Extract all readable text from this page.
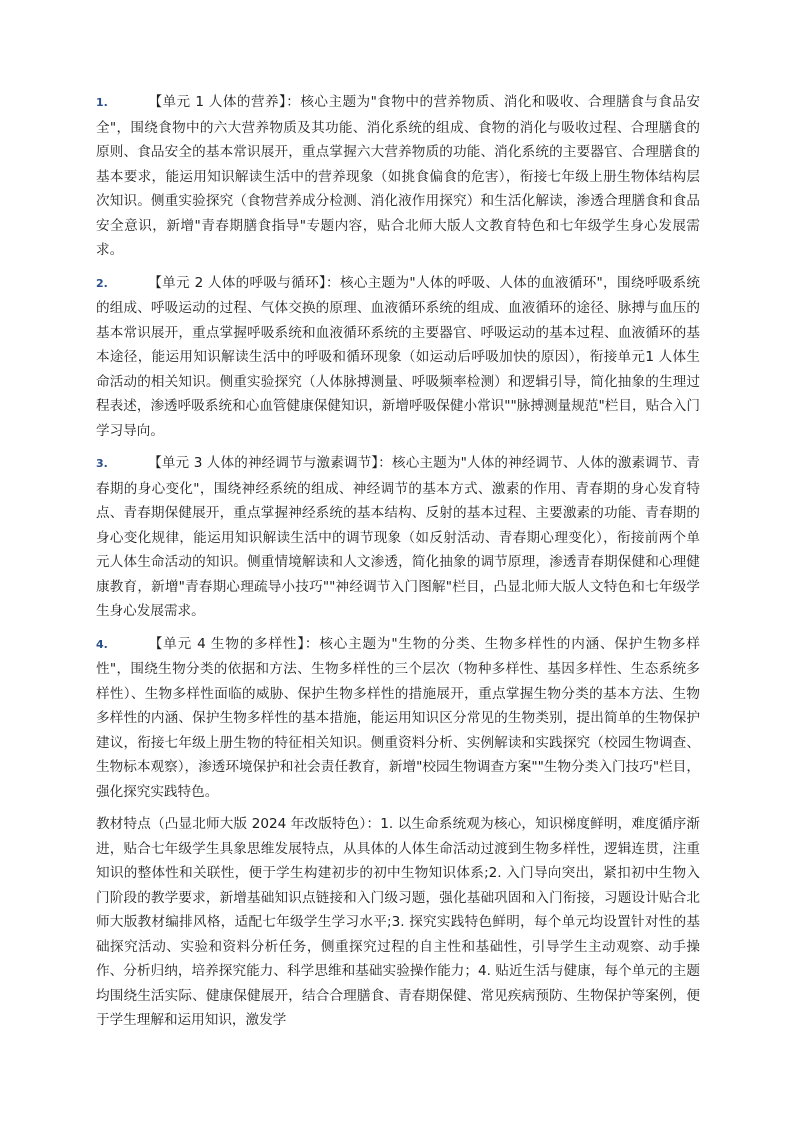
1.	【单元 1 人体的营养】：核心主题为"食物中的营养物质、消化和吸收、合理膳食与食品安全"，围绕食物中的六大营养物质及其功能、消化系统的组成、食物的消化与吸收过程、合理膳食的原则、食品安全的基本常识展开，重点掌握六大营养物质的功能、消化系统的主要器官、合理膳食的基本要求，能运用知识解读生活中的营养现象（如挑食偏食的危害），衔接七年级上册生物体结构层次知识。侧重实验探究（食物营养成分检测、消化液作用探究）和生活化解读，渗透合理膳食和食品安全意识，新增"青春期膳食指导"专题内容，贴合北师大版人文教育特色和七年级学生身心发展需求。

2.	【单元 2 人体的呼吸与循环】：核心主题为"人体的呼吸、人体的血液循环"，围绕呼吸系统的组成、呼吸运动的过程、气体交换的原理、血液循环系统的组成、血液循环的途径、脉搏与血压的基本常识展开，重点掌握呼吸系统和血液循环系统的主要器官、呼吸运动的基本过程、血液循环的基本途径，能运用知识解读生活中的呼吸和循环现象（如运动后呼吸加快的原因），衔接单元1 人体生命活动的相关知识。侧重实验探究（人体脉搏测量、呼吸频率检测）和逻辑引导，简化抽象的生理过程表述，渗透呼吸系统和心血管健康保健知识，新增呼吸保健小常识""脉搏测量规范"栏目，贴合入门学习导向。

3.	【单元 3 人体的神经调节与激素调节】：核心主题为"人体的神经调节、人体的激素调节、青春期的身心变化"，围绕神经系统的组成、神经调节的基本方式、激素的作用、青春期的身心发育特点、青春期保健展开，重点掌握神经系统的基本结构、反射的基本过程、主要激素的功能、青春期的身心变化规律，能运用知识解读生活中的调节现象（如反射活动、青春期心理变化），衔接前两个单元人体生命活动的知识。侧重情境解读和人文渗透，简化抽象的调节原理，渗透青春期保健和心理健康教育，新增"青春期心理疏导小技巧""神经调节入门图解"栏目，凸显北师大版人文特色和七年级学生身心发展需求。

4.	【单元 4 生物的多样性】：核心主题为"生物的分类、生物多样性的内涵、保护生物多样性"，围绕生物分类的依据和方法、生物多样性的三个层次（物种多样性、基因多样性、生态系统多样性）、生物多样性面临的威胁、保护生物多样性的措施展开，重点掌握生物分类的基本方法、生物多样性的内涵、保护生物多样性的基本措施，能运用知识区分常见的生物类别，提出简单的生物保护建议，衔接七年级上册生物的特征相关知识。侧重资料分析、实例解读和实践探究（校园生物调查、生物标本观察），渗透环境保护和社会责任教育，新增"校园生物调查方案""生物分类入门技巧"栏目，强化探究实践特色。

教材特点（凸显北师大版 2024 年改版特色）：1. 以生命系统观为核心，知识梯度鲜明，难度循序渐进，贴合七年级学生具象思维发展特点，从具体的人体生命活动过渡到生物多样性，逻辑连贯，注重知识的整体性和关联性，便于学生构建初步的初中生物知识体系;2. 入门导向突出，紧扣初中生物入门阶段的教学要求，新增基础知识点链接和入门级习题，强化基础巩固和入门衔接，习题设计贴合北师大版教材编排风格，适配七年级学生学习水平;3. 探究实践特色鲜明，每个单元均设置针对性的基础探究活动、实验和资料分析任务，侧重探究过程的自主性和基础性，引导学生主动观察、动手操作、分析归纳，培养探究能力、科学思维和基础实验操作能力；4. 贴近生活与健康，每个单元的主题均围绕生活实际、健康保健展开，结合合理膳食、青春期保健、常见疾病预防、生物保护等案例，便于学生理解和运用知识，激发学
